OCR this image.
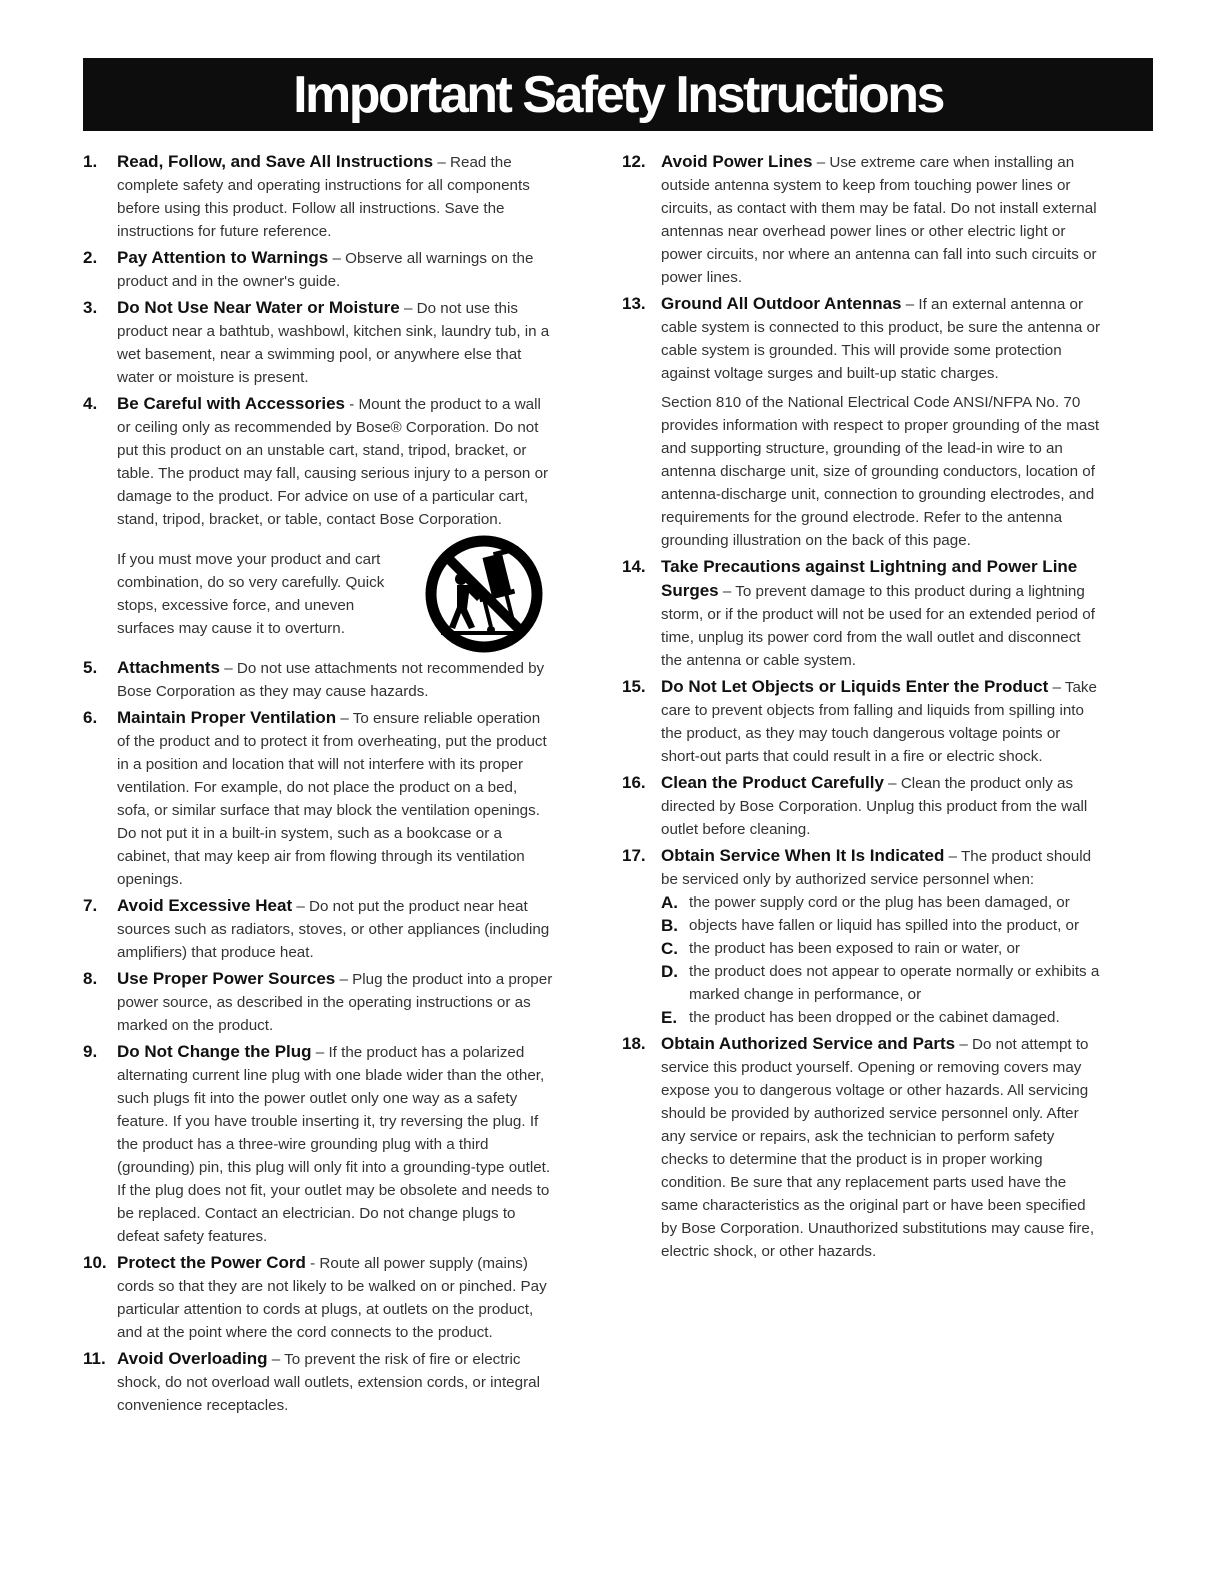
Important Safety Instructions
1. Read, Follow, and Save All Instructions – Read the complete safety and operating instructions for all components before using this product. Follow all instructions. Save the instructions for future reference.
2. Pay Attention to Warnings – Observe all warnings on the product and in the owner's guide.
3. Do Not Use Near Water or Moisture – Do not use this product near a bathtub, washbowl, kitchen sink, laundry tub, in a wet basement, near a swimming pool, or anywhere else that water or moisture is present.
4. Be Careful with Accessories - Mount the product to a wall or ceiling only as recommended by Bose® Corporation. Do not put this product on an unstable cart, stand, tripod, bracket, or table. The product may fall, causing serious injury to a person or damage to the product. For advice on use of a particular cart, stand, tripod, bracket, or table, contact Bose Corporation.
If you must move your product and cart combination, do so very carefully. Quick stops, excessive force, and uneven surfaces may cause it to overturn.
5. Attachments – Do not use attachments not recommended by Bose Corporation as they may cause hazards.
6. Maintain Proper Ventilation – To ensure reliable operation of the product and to protect it from overheating, put the product in a position and location that will not interfere with its proper ventilation. For example, do not place the product on a bed, sofa, or similar surface that may block the ventilation openings. Do not put it in a built-in system, such as a bookcase or a cabinet, that may keep air from flowing through its ventilation openings.
7. Avoid Excessive Heat – Do not put the product near heat sources such as radiators, stoves, or other appliances (including amplifiers) that produce heat.
8. Use Proper Power Sources – Plug the product into a proper power source, as described in the operating instructions or as marked on the product.
9. Do Not Change the Plug – If the product has a polarized alternating current line plug with one blade wider than the other, such plugs fit into the power outlet only one way as a safety feature. If you have trouble inserting it, try reversing the plug. If the product has a three-wire grounding plug with a third (grounding) pin, this plug will only fit into a grounding-type outlet. If the plug does not fit, your outlet may be obsolete and needs to be replaced. Contact an electrician. Do not change plugs to defeat safety features.
10. Protect the Power Cord - Route all power supply (mains) cords so that they are not likely to be walked on or pinched. Pay particular attention to cords at plugs, at outlets on the product, and at the point where the cord connects to the product.
11. Avoid Overloading – To prevent the risk of fire or electric shock, do not overload wall outlets, extension cords, or integral convenience receptacles.
12. Avoid Power Lines – Use extreme care when installing an outside antenna system to keep from touching power lines or circuits, as contact with them may be fatal. Do not install external antennas near overhead power lines or other electric light or power circuits, nor where an antenna can fall into such circuits or power lines.
13. Ground All Outdoor Antennas – If an external antenna or cable system is connected to this product, be sure the antenna or cable system is grounded. This will provide some protection against voltage surges and built-up static charges.
Section 810 of the National Electrical Code ANSI/NFPA No. 70 provides information with respect to proper grounding of the mast and supporting structure, grounding of the lead-in wire to an antenna discharge unit, size of grounding conductors, location of antenna-discharge unit, connection to grounding electrodes, and requirements for the ground electrode. Refer to the antenna grounding illustration on the back of this page.
14. Take Precautions against Lightning and Power Line Surges – To prevent damage to this product during a lightning storm, or if the product will not be used for an extended period of time, unplug its power cord from the wall outlet and disconnect the antenna or cable system.
15. Do Not Let Objects or Liquids Enter the Product – Take care to prevent objects from falling and liquids from spilling into the product, as they may touch dangerous voltage points or short-out parts that could result in a fire or electric shock.
16. Clean the Product Carefully – Clean the product only as directed by Bose Corporation. Unplug this product from the wall outlet before cleaning.
17. Obtain Service When It Is Indicated – The product should be serviced only by authorized service personnel when:
A. the power supply cord or the plug has been damaged, or
B. objects have fallen or liquid has spilled into the product, or
C. the product has been exposed to rain or water, or
D. the product does not appear to operate normally or exhibits a marked change in performance, or
E. the product has been dropped or the cabinet damaged.
18. Obtain Authorized Service and Parts – Do not attempt to service this product yourself. Opening or removing covers may expose you to dangerous voltage or other hazards. All servicing should be provided by authorized service personnel only. After any service or repairs, ask the technician to perform safety checks to determine that the product is in proper working condition. Be sure that any replacement parts used have the same characteristics as the original part or have been specified by Bose Corporation. Unauthorized substitutions may cause fire, electric shock, or other hazards.
